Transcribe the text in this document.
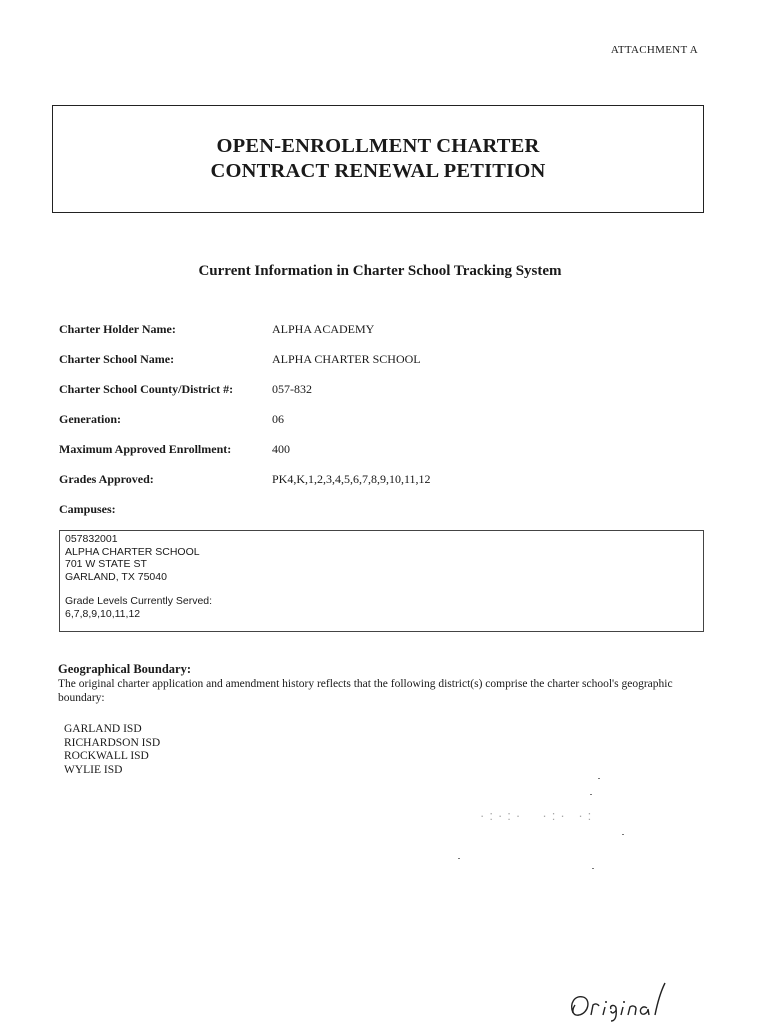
ATTACHMENT A
OPEN-ENROLLMENT CHARTER
CONTRACT RENEWAL PETITION
Current Information in Charter School Tracking System
Charter Holder Name:	ALPHA ACADEMY
Charter School Name:	ALPHA CHARTER SCHOOL
Charter School County/District #:	057-832
Generation:	06
Maximum Approved Enrollment:	400
Grades Approved:	PK4,K,1,2,3,4,5,6,7,8,9,10,11,12
Campuses:
057832001
ALPHA CHARTER SCHOOL
701 W STATE ST
GARLAND, TX 75040
Grade Levels Currently Served:
6,7,8,9,10,11,12
Geographical Boundary:
The original charter application and amendment history reflects that the following district(s) comprise the charter school's geographic boundary:
GARLAND ISD
RICHARDSON ISD
ROCKWALL ISD
WYLIE ISD
·:·:·  ·:· ·:
